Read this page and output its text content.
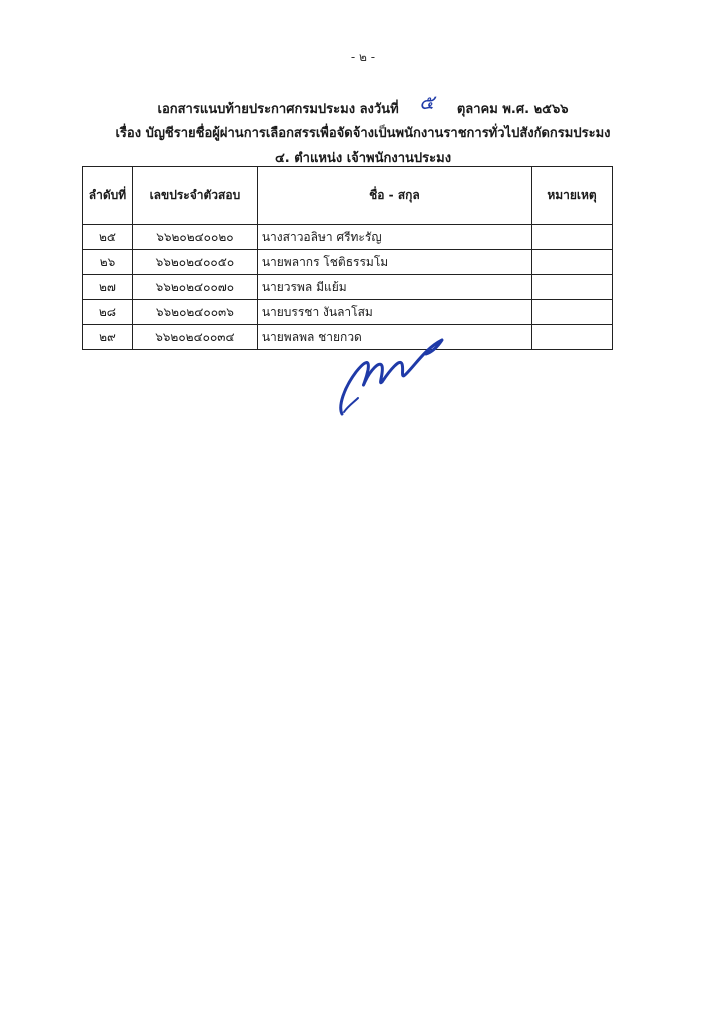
- ๒ -
เอกสารแนบท้ายประกาศกรมประมง ลงวันที่ ๕ ตุลาคม พ.ศ. ๒๕๖๖
เรื่อง บัญชีรายชื่อผู้ผ่านการเลือกสรรเพื่อจัดจ้างเป็นพนักงานราชการทั่วไปสังกัดกรมประมง
๔. ตำแหน่ง เจ้าพนักงานประมง
ลำดับที่	เลขประจำตัวสอบ	ชื่อ - สกุล	หมายเหตุ
๒๕	๖๖๒๐๒๔๐๐๒๐	นางสาวอลิษา ศรีทะรัญ	
๒๖	๖๖๒๐๒๔๐๐๕๐	นายพลากร โชติธรรมโม	
๒๗	๖๖๒๐๒๔๐๐๗๐	นายวรพล มีแย้ม	
๒๘	๖๖๒๐๒๔๐๐๓๖	นายบรรชา งันลาโสม	
๒๙	๖๖๒๐๒๔๐๐๓๔	นายพลพล ชายกวด	
